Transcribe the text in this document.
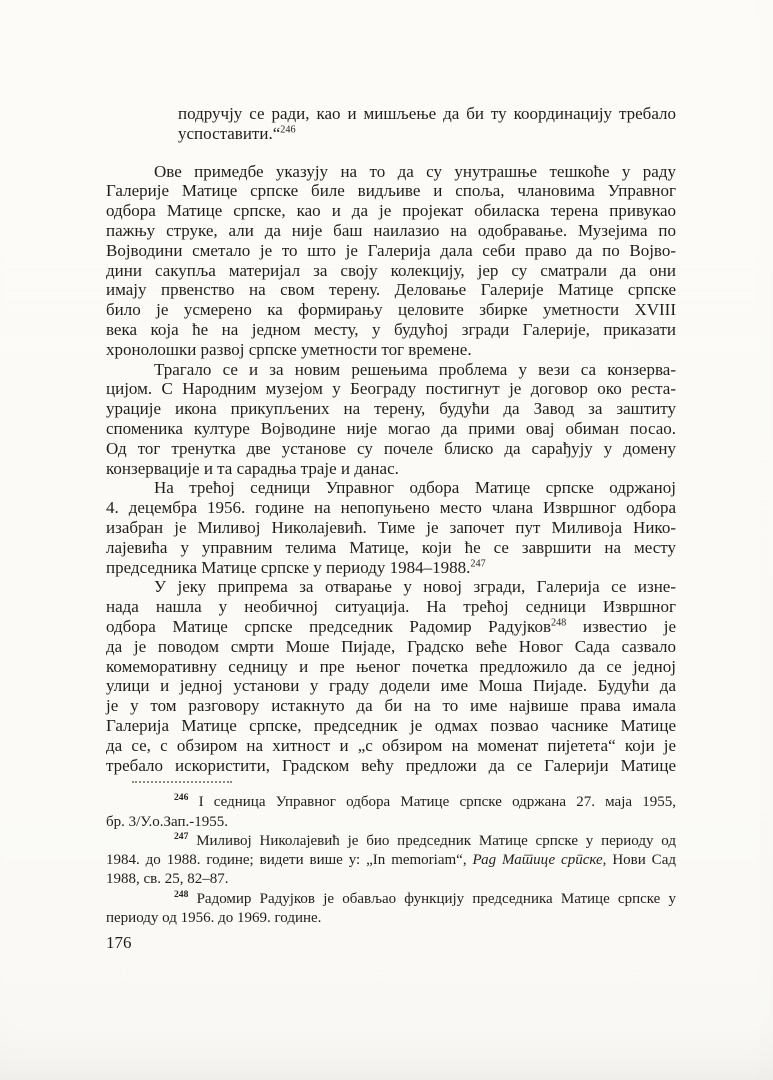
подручју се ради, као и мишљење да би ту координацију требало
успоставити.“$^{246}$
Ове примедбе указују на то да су унутрашње тешкоће у раду
Галерије Матице српске биле видљиве и споља, члановима Управног
одбора Матице српске, као и да је пројекат обиласка терена привукао
пажњу струке, али да није баш наилазио на одобравање. Музејима по
Војводини сметало је то што је Галерија дала себи право да по Војво-
дини сакупља материјал за своју колекцију, јер су сматрали да они
имају првенство на свом терену. Деловање Галерије Матице српске
било је усмерено ка формирању целовите збирке уметности XVIII
века која ће на једном месту, у будућој згради Галерије, приказати
хронолошки развој српске уметности тог времене.
Трагало се и за новим решењима проблема у вези са конзерва-
цијом. С Народним музејом у Београду постигнут је договор око реста-
урације икона прикупљених на терену, будући да Завод за заштиту
споменика културе Војводине није могао да прими овај обиман посао.
Од тог тренутка две установе су почеле блиско да сарађују у домену
конзервације и та сарадња траје и данас.
На трећој седници Управног одбора Матице српске одржаној
4. децембра 1956. године на непопуњено место члана Извршног одбора
изабран је Миливој Николајевић. Тиме је започет пут Миливоја Нико-
лајевића у управним телима Матице, који ће се завршити на месту
председника Матице српске у периоду 1984–1988.$^{247}$
У јеку припрема за отварање у новој згради, Галерија се изне-
нада нашла у необичној ситуација. На трећој седници Извршног
одбора Матице српске председник Радомир Радујков$^{248}$ известио је
да је поводом смрти Моше Пијаде, Градско веће Новог Сада сазвало
комеморативну седницу и пре њеног почетка предложило да се једној
улици и једној установи у граду додели име Моша Пијаде. Будући да
је у том разговору истакнуто да би на то име највише права имала
Галерија Матице српске, председник је одмах позвао часнике Матице
да се, с обзиром на хитност и „с обзиром на моменат пијетета“ који је
требало искористити, Градском већу предложи да се Галерији Матице
$^{246}$ I седница Управног одбора Матице српске одржана 27. маја 1955,
бр. 3/У.о.Зап.-1955.
$^{247}$ Миливој Николајевић је био председник Матице српске у периоду од
1984. до 1988. године; видети више у: „In memoriam“, Рад Матице српске, Нови Сад
1988, св. 25, 82–87.
$^{248}$ Радомир Радујков је обављао функцију председника Матице српске у
периоду од 1956. до 1969. године.
176
